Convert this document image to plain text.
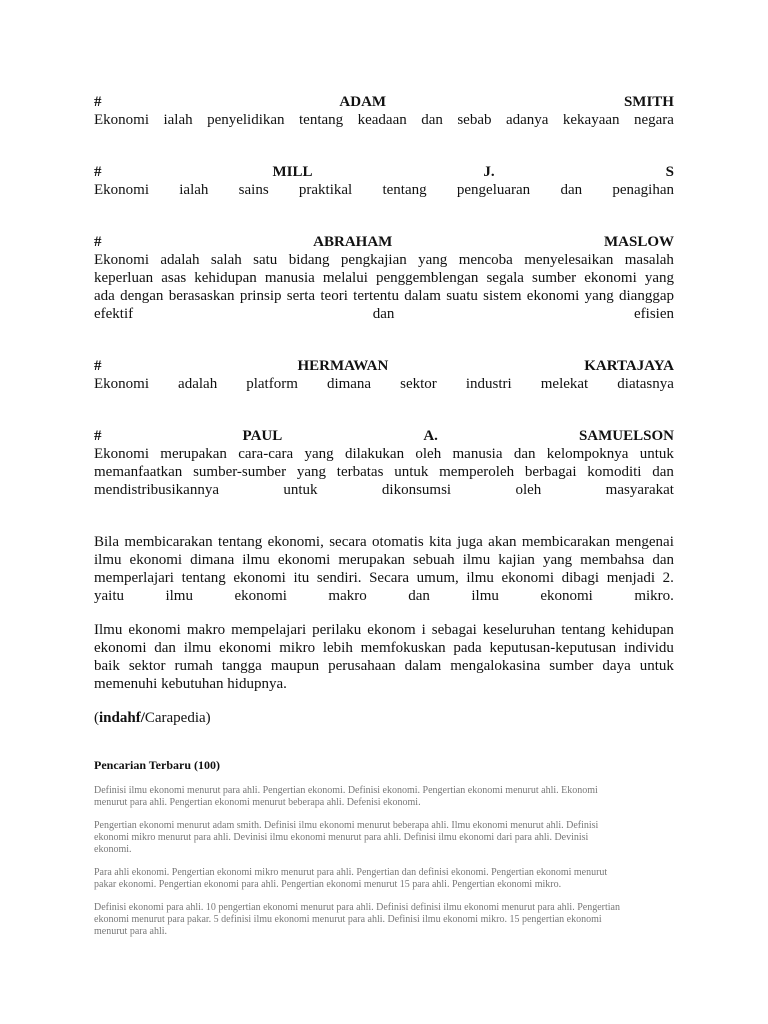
#	ADAM	SMITH
Ekonomi ialah penyelidikan tentang keadaan dan sebab adanya kekayaan negara
#	MILL	J.	S
Ekonomi ialah sains praktikal tentang pengeluaran dan penagihan
#	ABRAHAM	MASLOW
Ekonomi adalah salah satu bidang pengkajian yang mencoba menyelesaikan masalah
keperluan asas kehidupan manusia melalui penggemblengan segala sumber ekonomi yang
ada dengan berasaskan prinsip serta teori tertentu dalam suatu sistem ekonomi yang dianggap
efektif	dan	efisien
#	HERMAWAN	KARTAJAYA
Ekonomi adalah platform dimana sektor industri melekat diatasnya
#	PAUL	A.	SAMUELSON
Ekonomi merupakan cara-cara yang dilakukan oleh manusia dan kelompoknya untuk
memanfaatkan sumber-sumber yang terbatas untuk memperoleh berbagai komoditi dan
mendistribusikannya	untuk	dikonsumsi	oleh	masyarakat
Bila membicarakan tentang ekonomi, secara otomatis kita juga akan membicarakan mengenai
ilmu ekonomi dimana ilmu ekonomi merupakan sebuah ilmu kajian yang membahsa dan
memperlajari tentang ekonomi itu sendiri. Secara umum, ilmu ekonomi dibagi menjadi 2.
yaitu	ilmu	ekonomi	makro	dan	ilmu	ekonomi	mikro.
Ilmu ekonomi makro mempelajari perilaku ekonom i sebagai keseluruhan tentang kehidupan
ekonomi dan ilmu ekonomi mikro lebih memfokuskan pada keputusan-keputusan individu
baik sektor rumah tangga maupun perusahaan dalam mengalokasina sumber daya untuk
memenuhi kebutuhan hidupnya.
(indahf/Carapedia)
Pencarian Terbaru (100)
Definisi ilmu ekonomi menurut para ahli. Pengertian ekonomi. Definisi ekonomi. Pengertian ekonomi menurut ahli. Ekonomi
menurut para ahli. Pengertian ekonomi menurut beberapa ahli. Defenisi ekonomi.
Pengertian ekonomi menurut adam smith. Definisi ilmu ekonomi menurut beberapa ahli. Ilmu ekonomi menurut ahli. Definisi
ekonomi mikro menurut para ahli. Devinisi ilmu ekonomi menurut para ahli. Definisi ilmu ekonomi dari para ahli. Devinisi
ekonomi.
Para ahli ekonomi. Pengertian ekonomi mikro menurut para ahli. Pengertian dan definisi ekonomi. Pengertian ekonomi menurut
pakar ekonomi. Pengertian ekonomi para ahli. Pengertian ekonomi menurut 15 para ahli. Pengertian ekonomi mikro.
Definisi ekonomi para ahli. 10 pengertian ekonomi menurut para ahli. Definisi definisi ilmu ekonomi menurut para ahli. Pengertian
ekonomi menurut para pakar. 5 definisi ilmu ekonomi menurut para ahli. Definisi ilmu ekonomi mikro. 15 pengertian ekonomi
menurut para ahli.
